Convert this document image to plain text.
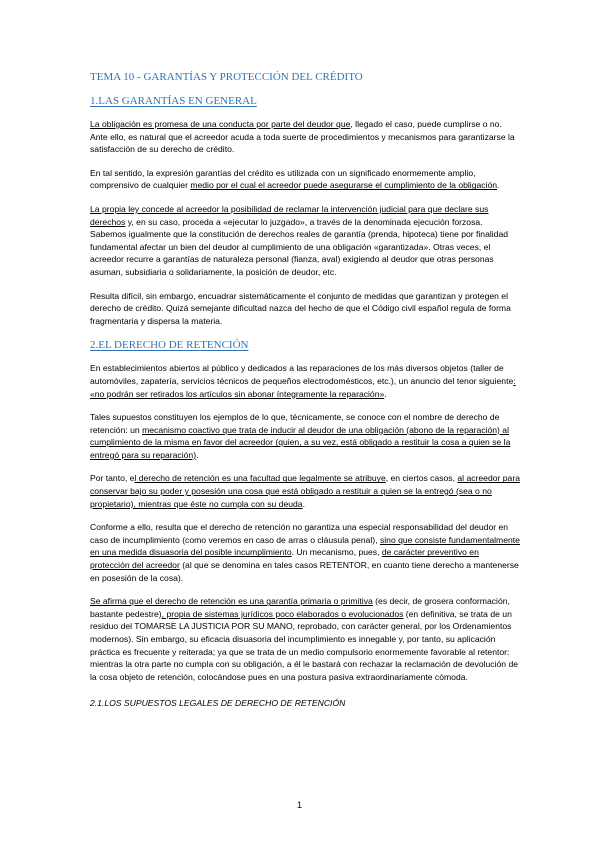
TEMA 10 - GARANTÍAS Y PROTECCIÓN DEL CRÉDITO
1.LAS GARANTÍAS EN GENERAL

La obligación es promesa de una conducta por parte del deudor que, llegado el caso, puede cumplirse o no. Ante ello, es natural que el acreedor acuda a toda suerte de procedimientos y mecanismos para garantizarse la satisfacción de su derecho de crédito.

En tal sentido, la expresión garantías del crédito es utilizada con un significado enormemente amplio, comprensivo de cualquier medio por el cual el acreedor puede asegurarse el cumplimiento de la obligación.

La propia ley concede al acreedor la posibilidad de reclamar la intervención judicial para que declare sus derechos y, en su caso, proceda a «ejecutar lo juzgado», a través de la denominada ejecución forzosa. Sabemos igualmente que la constitución de derechos reales de garantía (prenda, hipoteca) tiene por finalidad fundamental afectar un bien del deudor al cumplimiento de una obligación «garantizada». Otras veces, el acreedor recurre a garantías de naturaleza personal (fianza, aval) exigiendo al deudor que otras personas asuman, subsidiaria o solidariamente, la posición de deudor, etc.

Resulta difícil, sin embargo, encuadrar sistemáticamente el conjunto de medidas que garantizan y protegen el derecho de crédito. Quizá semejante dificultad nazca del hecho de que el Código civil español regula de forma fragmentaria y dispersa la materia.

2.EL DERECHO DE RETENCIÓN

En establecimientos abiertos al público y dedicados a las reparaciones de los más diversos objetos (taller de automóviles, zapatería, servicios técnicos de pequeños electrodomésticos, etc.), un anuncio del tenor siguiente: «no podrán ser retirados los artículos sin abonar íntegramente la reparación».

Tales supuestos constituyen los ejemplos de lo que, técnicamente, se conoce con el nombre de derecho de retención: un mecanismo coactivo que trata de inducir al deudor de una obligación (abono de la reparación) al cumplimiento de la misma en favor del acreedor (quien, a su vez, está obligado a restituir la cosa a quien se la entregó para su reparación).

Por tanto, el derecho de retención es una facultad que legalmente se atribuye, en ciertos casos, al acreedor para conservar bajo su poder y posesión una cosa que está obligado a restituir a quien se la entregó (sea o no propietario), mientras que éste no cumpla con su deuda.

Conforme a ello, resulta que el derecho de retención no garantiza una especial responsabilidad del deudor en caso de incumplimiento (como veremos en caso de arras o cláusula penal), sino que consiste fundamentalmente en una medida disuasoria del posible incumplimiento. Un mecanismo, pues, de carácter preventivo en protección del acreedor (al que se denomina en tales casos RETENTOR, en cuanto tiene derecho a mantenerse en posesión de la cosa).

Se afirma que el derecho de retención es una garantía primaria o primitiva (es decir, de grosera conformación, bastante pedestre), propia de sistemas jurídicos poco elaborados o evolucionados (en definitiva, se trata de un residuo del TOMARSE LA JUSTICIA POR SU MANO, reprobado, con carácter general, por los Ordenamientos modernos). Sin embargo, su eficacia disuasoria del incumplimiento es innegable y, por tanto, su aplicación práctica es frecuente y reiterada; ya que se trata de un medio compulsorio enormemente favorable al retentor: mientras la otra parte no cumpla con su obligación, a él le bastará con rechazar la reclamación de devolución de la cosa objeto de retención, colocándose pues en una postura pasiva extraordinariamente cómoda.

2.1.LOS SUPUESTOS LEGALES DE DERECHO DE RETENCIÓN
1
